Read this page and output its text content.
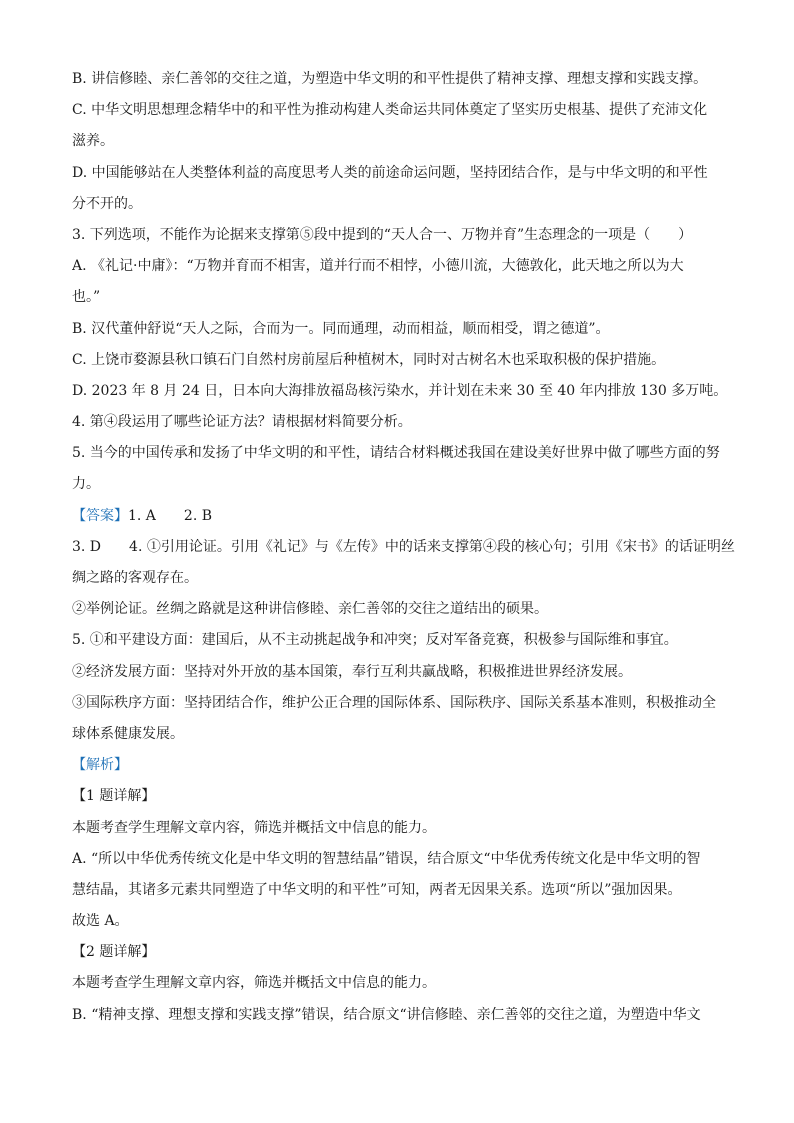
B. 讲信修睦、亲仁善邻的交往之道，为塑造中华文明的和平性提供了精神支撑、理想支撑和实践支撑。
C. 中华文明思想理念精华中的和平性为推动构建人类命运共同体奠定了坚实历史根基、提供了充沛文化
滋养。
D. 中国能够站在人类整体利益的高度思考人类的前途命运问题，坚持团结合作，是与中华文明的和平性
分不开的。
3. 下列选项，不能作为论据来支撑第⑤段中提到的“天人合一、万物并育”生态理念的一项是（　　）
A. 《礼记·中庸》：“万物并育而不相害，道并行而不相悖，小德川流，大德敦化，此天地之所以为大
也。”
B. 汉代董仲舒说“天人之际，合而为一。同而通理，动而相益，顺而相受，谓之德道”。
C. 上饶市婺源县秋口镇石门自然村房前屋后种植树木，同时对古树名木也采取积极的保护措施。
D. 2023 年 8 月 24 日，日本向大海排放福岛核污染水，并计划在未来 30 至 40 年内排放 130 多万吨。
4. 第④段运用了哪些论证方法？请根据材料简要分析。
5. 当今的中国传承和发扬了中华文明的和平性，请结合材料概述我国在建设美好世界中做了哪些方面的努
力。
【答案】1. A　　2. B
3. D　　4. ①引用论证。引用《礼记》与《左传》中的话来支撑第④段的核心句；引用《宋书》的话证明丝
绸之路的客观存在。
②举例论证。丝绸之路就是这种讲信修睦、亲仁善邻的交往之道结出的硕果。
5. ①和平建设方面：建国后，从不主动挑起战争和冲突；反对军备竞赛，积极参与国际维和事宜。
②经济发展方面：坚持对外开放的基本国策，奉行互利共赢战略，积极推进世界经济发展。
③国际秩序方面：坚持团结合作，维护公正合理的国际体系、国际秩序、国际关系基本准则，积极推动全
球体系健康发展。
【解析】
【1 题详解】
本题考查学生理解文章内容，筛选并概括文中信息的能力。
A. “所以中华优秀传统文化是中华文明的智慧结晶”错误，结合原文“中华优秀传统文化是中华文明的智
慧结晶，其诸多元素共同塑造了中华文明的和平性”可知，两者无因果关系。选项“所以”强加因果。
故选 A。
【2 题详解】
本题考查学生理解文章内容，筛选并概括文中信息的能力。
B. “精神支撑、理想支撑和实践支撑”错误，结合原文“讲信修睦、亲仁善邻的交往之道，为塑造中华文
